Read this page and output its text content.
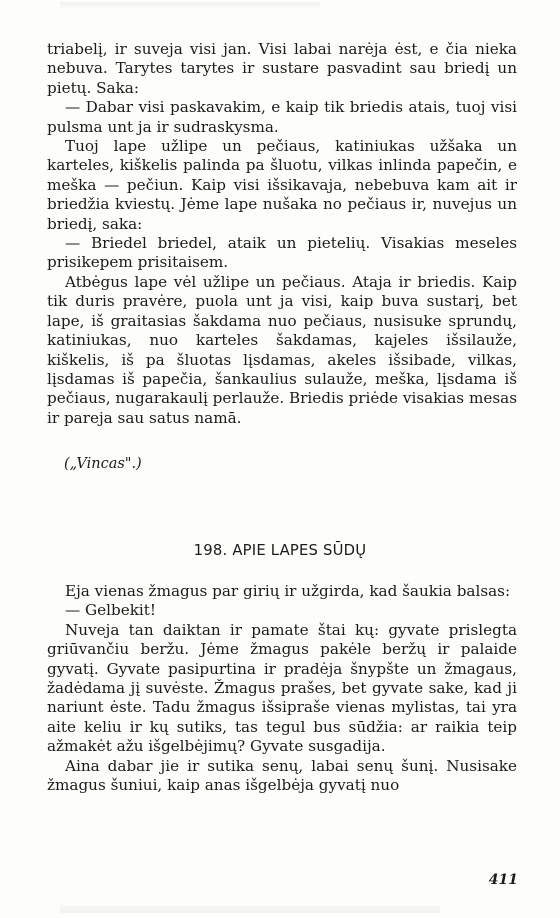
triabelį, ir suveja visi jan. Visi labai narėja ėst, e čia nieka nebuva. Tarytes tarytes ir sustare pasvadint sau briedį un pietų. Saka:

— Dabar visi paskavakim, e kaip tik briedis atais, tuoj visi pulsma unt ja ir sudraskysma.

Tuoj lape užlipe un pečiaus, katiniukas užšaka un karteles, kiškelis palinda pa šluotu, vilkas inlinda papečin, e meška — pečiun. Kaip visi išsikavaja, nebebuva kam ait ir briedžia kviestų. Jėme lape nušaka no pečiaus ir, nuvejus un briedį, saka:

— Briedel briedel, ataik un pietelių. Visakias meseles prisikepem prisitaisem.

Atbėgus lape vėl užlipe un pečiaus. Ataja ir briedis. Kaip tik duris pravėre, puola unt ja visi, kaip buva sustarį, bet lape, iš graitasias šakdama nuo pečiaus, nusisuke sprundų, katiniukas, nuo karteles šakdamas, kajeles išsilauže, kiškelis, iš pa šluotas lįsdamas, akeles išsibade, vilkas, lįsdamas iš papečia, šankaulius sulauže, meška, lįsdama iš pečiaus, nugarakaulį perlauže. Briedis priėde visakias mesas ir pareja sau satus namā.

(„Vincas".)
198. APIE LAPES SŪDŲ

Eja vienas žmagus par girių ir užgirda, kad šaukia balsas:

— Gelbekit!

Nuveja tan daiktan ir pamate štai kų: gyvate prislegta griūvančiu beržu. Jėme žmagus pakėle beržų ir palaide gyvatį. Gyvate pasipurtina ir pradėja šnypšte un žmagaus, žadėdama jį suvėste. Žmagus prašes, bet gyvate sake, kad ji nariunt ėste. Tadu žmagus išsipraše vienas mylistas, tai yra aite keliu ir kų sutiks, tas tegul bus sūdžia: ar raikia teip ažmakėt ažu išgelbėjimų? Gyvate susgadija.

Aina dabar jie ir sutika senų, labai senų šunį. Nusisake žmagus šuniui, kaip anas išgelbėja gyvatį nuo

411
